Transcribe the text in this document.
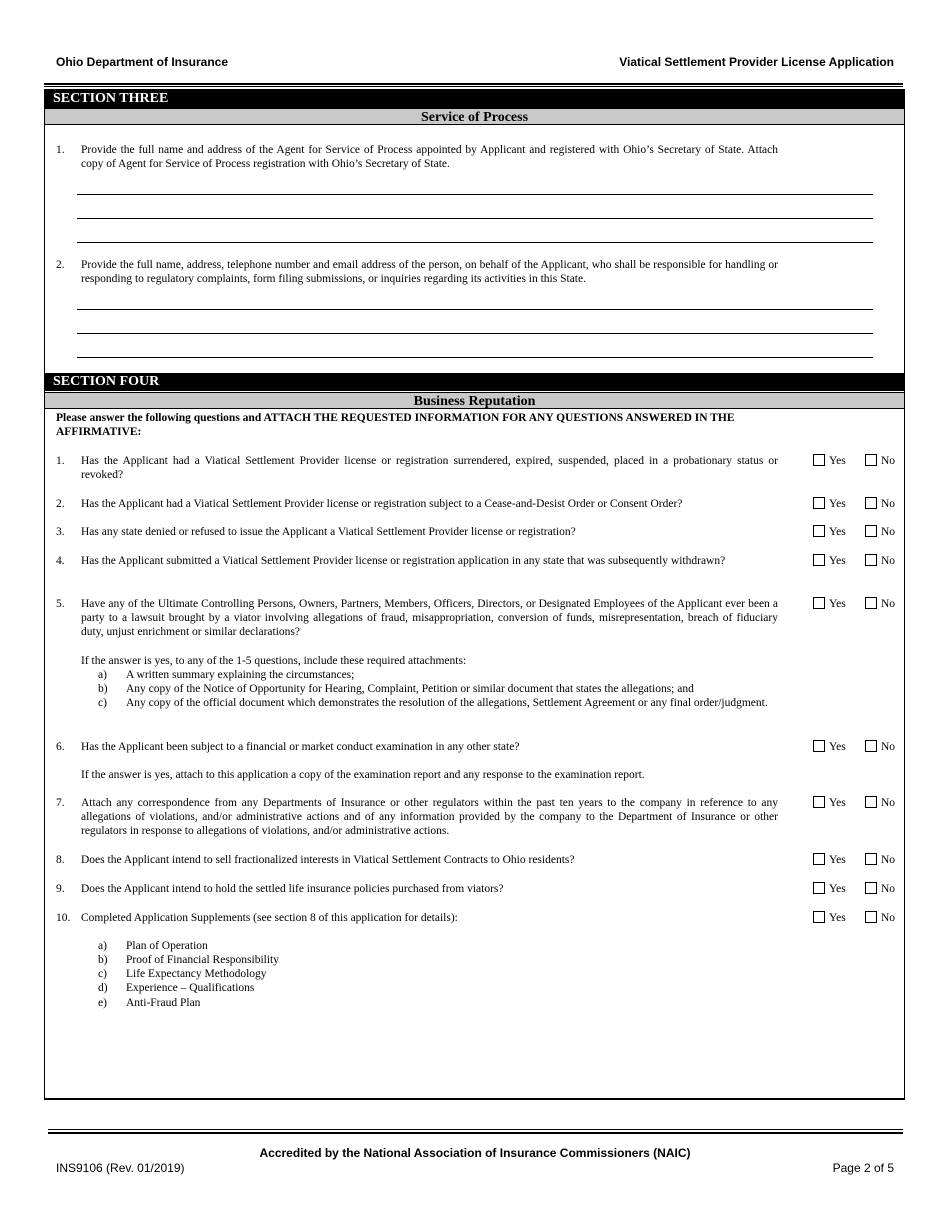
Ohio Department of Insurance	Viatical Settlement Provider License Application
SECTION THREE
Service of Process
1. Provide the full name and address of the Agent for Service of Process appointed by Applicant and registered with Ohio’s Secretary of State. Attach copy of Agent for Service of Process registration with Ohio’s Secretary of State.
2. Provide the full name, address, telephone number and email address of the person, on behalf of the Applicant, who shall be responsible for handling or responding to regulatory complaints, form filing submissions, or inquiries regarding its activities in this State.
SECTION FOUR
Business Reputation
Please answer the following questions and ATTACH THE REQUESTED INFORMATION FOR ANY QUESTIONS ANSWERED IN THE AFFIRMATIVE:
1. Has the Applicant had a Viatical Settlement Provider license or registration surrendered, expired, suspended, placed in a probationary status or revoked?
Yes	No
2. Has the Applicant had a Viatical Settlement Provider license or registration subject to a Cease-and-Desist Order or Consent Order?	Yes	No
3. Has any state denied or refused to issue the Applicant a Viatical Settlement Provider license or registration?	Yes	No
4. Has the Applicant submitted a Viatical Settlement Provider license or registration application in any state that was subsequently withdrawn?	Yes	No
5. Have any of the Ultimate Controlling Persons, Owners, Partners, Members, Officers, Directors, or Designated Employees of the Applicant ever been a party to a lawsuit brought by a viator involving allegations of fraud, misappropriation, conversion of funds, misrepresentation, breach of fiduciary duty, unjust enrichment or similar declarations?
Yes	No
If the answer is yes, to any of the 1-5 questions, include these required attachments:
a) A written summary explaining the circumstances;
b) Any copy of the Notice of Opportunity for Hearing, Complaint, Petition or similar document that states the allegations; and
c) Any copy of the official document which demonstrates the resolution of the allegations, Settlement Agreement or any final order/judgment.
6. Has the Applicant been subject to a financial or market conduct examination in any other state?	Yes	No
If the answer is yes, attach to this application a copy of the examination report and any response to the examination report.
7. Attach any correspondence from any Departments of Insurance or other regulators within the past ten years to the company in reference to any allegations of violations, and/or administrative actions and of any information provided by the company to the Department of Insurance or other regulators in response to allegations of violations, and/or administrative actions.
Yes	No
8. Does the Applicant intend to sell fractionalized interests in Viatical Settlement Contracts to Ohio residents?	Yes	No
9. Does the Applicant intend to hold the settled life insurance policies purchased from viators?	Yes	No
10. Completed Application Supplements (see section 8 of this application for details):	Yes	No
a) Plan of Operation
b) Proof of Financial Responsibility
c) Life Expectancy Methodology
d) Experience – Qualifications
e) Anti-Fraud Plan
Accredited by the National Association of Insurance Commissioners (NAIC)
INS9106 (Rev. 01/2019)	Page 2 of 5
